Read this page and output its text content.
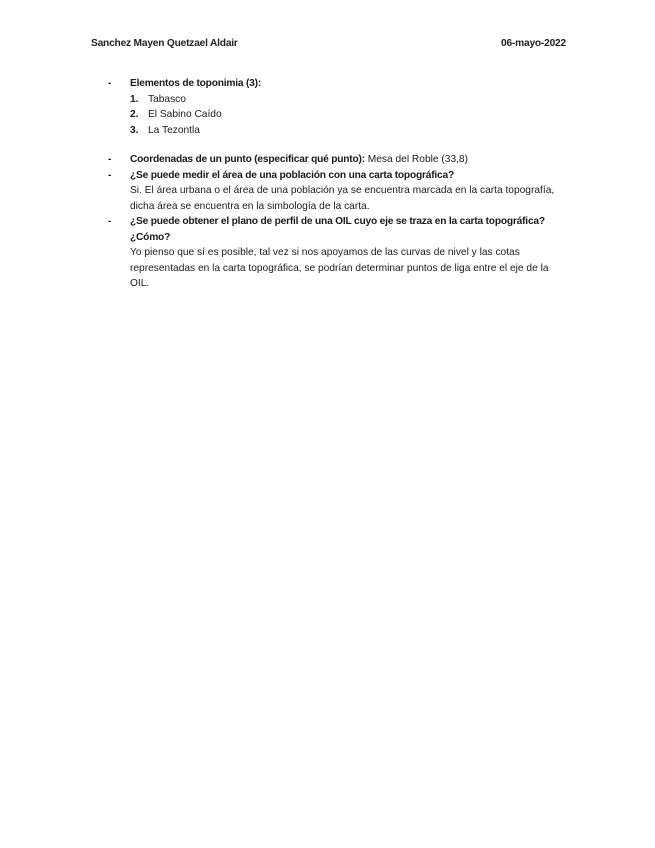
Sanchez Mayen Quetzael Aldair	06-mayo-2022
-	Elementos de toponimia (3):
1. Tabasco
2. El Sabino Caído
3. La Tezontla
-	Coordenadas de un punto (especificar qué punto): Mesa del Roble (33,8)
-	¿Se puede medir el área de una población con una carta topográfica?

Si. El área urbana o el área de una población ya se encuentra marcada en la carta topografía, dicha área se encuentra en la simbología de la carta.

-	¿Se puede obtener el plano de perfil de una OIL cuyo eje se traza en la carta topográfica? ¿Cómo?

Yo pienso que sí es posible, tal vez si nos apoyamos de las curvas de nivel y las cotas representadas en la carta topográfica, se podrían determinar puntos de liga entre el eje de la OIL.
